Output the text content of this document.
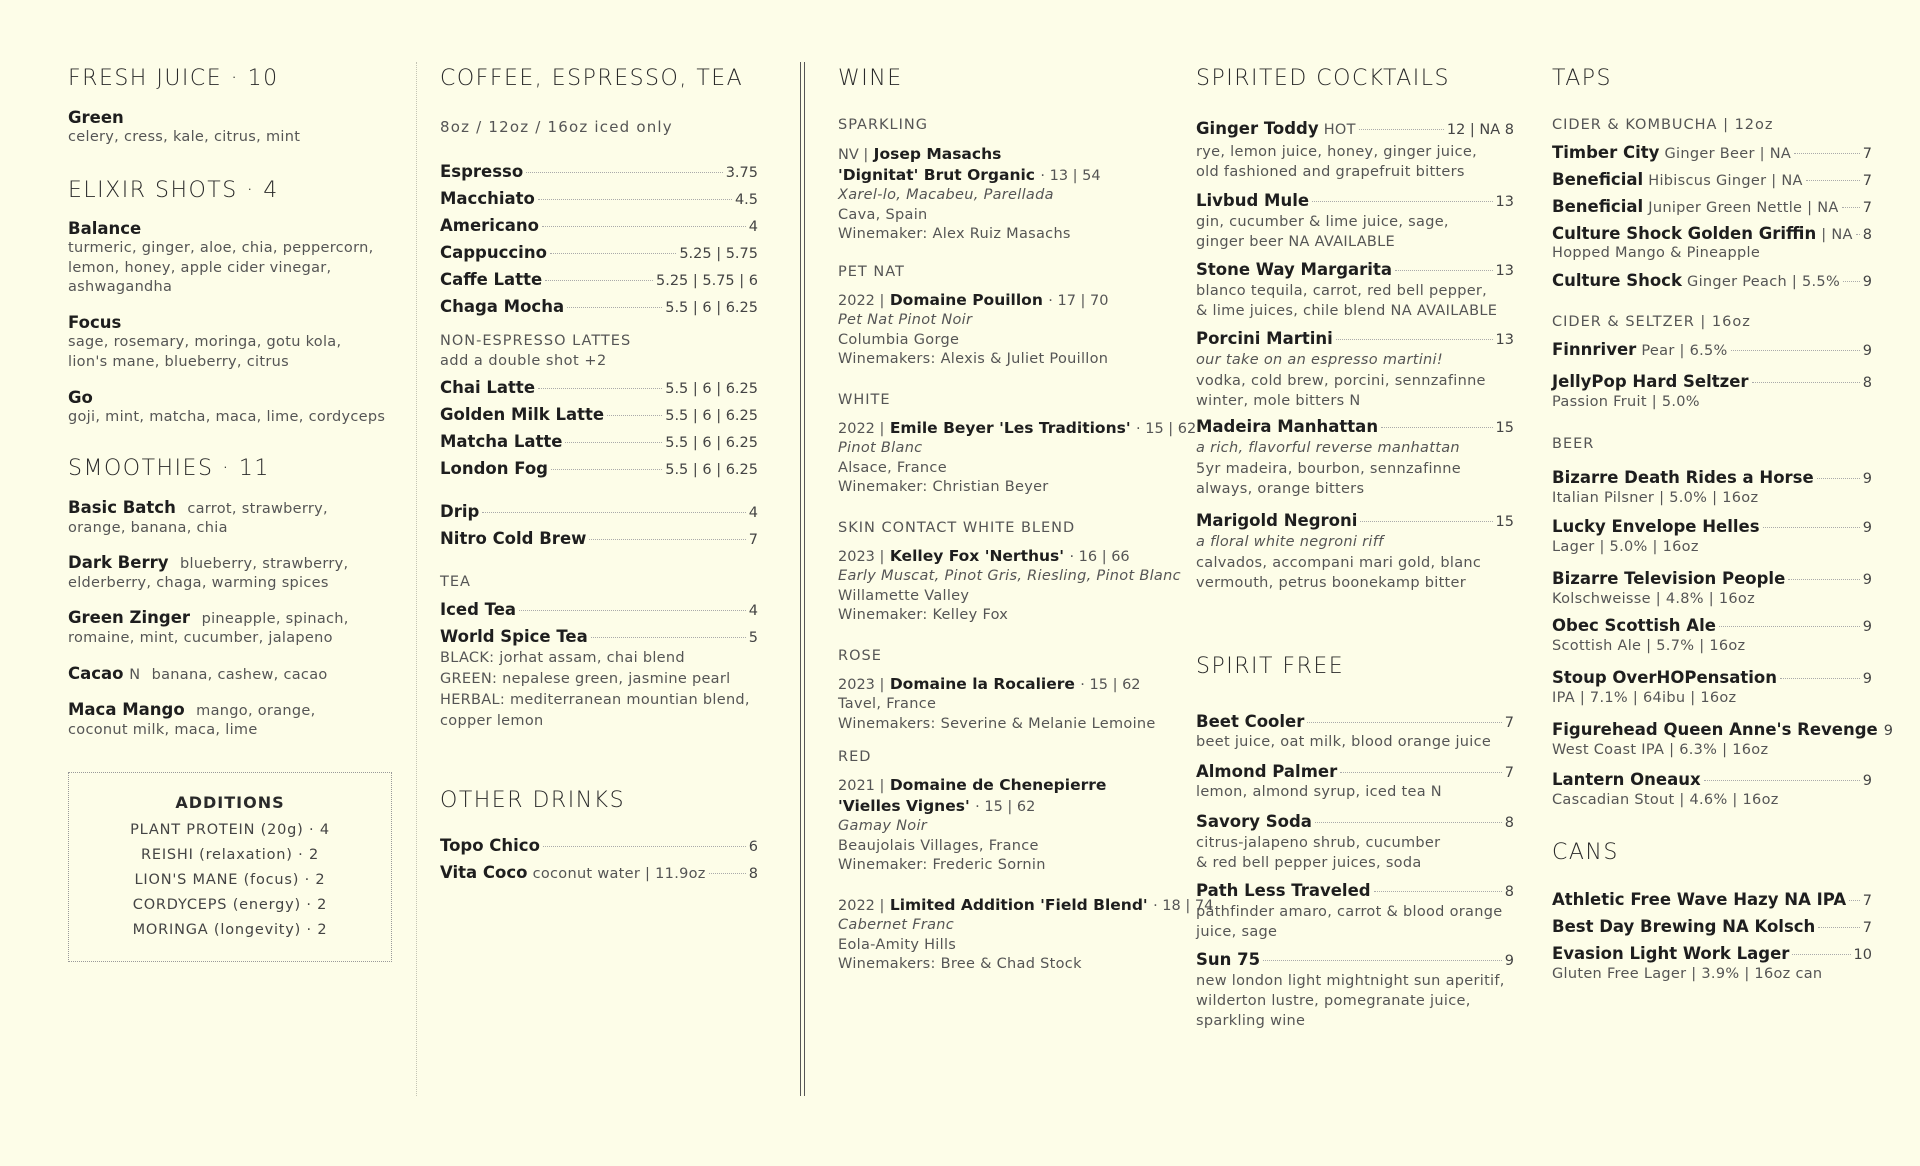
FRESH JUICE · 10
Green
celery, cress, kale, citrus, mint
ELIXIR SHOTS · 4
Balance
turmeric, ginger, aloe, chia, peppercorn,
lemon, honey, apple cider vinegar,
ashwagandha
Focus
sage, rosemary, moringa, gotu kola,
lion's mane, blueberry, citrus
Go
goji, mint, matcha, maca, lime, cordyceps
SMOOTHIES · 11
Basic Batch carrot, strawberry,
orange, banana, chia
Dark Berry blueberry, strawberry,
elderberry, chaga, warming spices
Green Zinger pineapple, spinach,
romaine, mint, cucumber, jalapeno
Cacao N banana, cashew, cacao
Maca Mango mango, orange,
coconut milk, maca, lime
ADDITIONS
PLANT PROTEIN (20g) · 4
REISHI (relaxation) · 2
LION'S MANE (focus) · 2
CORDYCEPS (energy) · 2
MORINGA (longevity) · 2
COFFEE, ESPRESSO, TEA
8oz / 12oz / 16oz iced only
Espresso	3.75
Macchiato	4.5
Americano	4
Cappuccino	5.25 | 5.75
Caffe Latte	5.25 | 5.75 | 6
Chaga Mocha	5.5 | 6 | 6.25
NON-ESPRESSO LATTES
add a double shot +2
Chai Latte	5.5 | 6 | 6.25
Golden Milk Latte	5.5 | 6 | 6.25
Matcha Latte	5.5 | 6 | 6.25
London Fog	5.5 | 6 | 6.25
Drip	4
Nitro Cold Brew	7
TEA
Iced Tea	4
World Spice Tea	5
BLACK: jorhat assam, chai blend
GREEN: nepalese green, jasmine pearl
HERBAL: mediterranean mountian blend,
copper lemon
OTHER DRINKS
Topo Chico	6
Vita Coco
coconut water | 11.9oz	8
WINE
SPARKLING
NV | Josep Masachs
'Dignitat' Brut Organic · 13 | 54
Xarel-lo, Macabeu, Parellada
Cava, Spain
Winemaker: Alex Ruiz Masachs
PET NAT
2022 | Domaine Pouillon · 17 | 70
Pet Nat Pinot Noir
Columbia Gorge
Winemakers: Alexis & Juliet Pouillon
WHITE
2022 | Emile Beyer 'Les Traditions' · 15 | 62
Pinot Blanc
Alsace, France
Winemaker: Christian Beyer
SKIN CONTACT WHITE BLEND
2023 | Kelley Fox 'Nerthus' · 16 | 66
Early Muscat, Pinot Gris, Riesling, Pinot Blanc
Willamette Valley
Winemaker: Kelley Fox
ROSE
2023 | Domaine la Rocaliere · 15 | 62
Tavel, France
Winemakers: Severine & Melanie Lemoine
RED
2021 | Domaine de Chenepierre
'Vielles Vignes' · 15 | 62
Gamay Noir
Beaujolais Villages, France
Winemaker: Frederic Sornin
2022 | Limited Addition 'Field Blend' · 18 | 74
Cabernet Franc
Eola-Amity Hills
Winemakers: Bree & Chad Stock
SPIRITED COCKTAILS
Ginger Toddy
HOT	12 | NA 8
rye, lemon juice, honey, ginger juice,
old fashioned and grapefruit bitters
Livbud Mule	13
gin, cucumber & lime juice, sage,
ginger beer NA AVAILABLE
Stone Way Margarita	13
blanco tequila, carrot, red bell pepper,
& lime juices, chile blend NA AVAILABLE
Porcini Martini	13
our take on an espresso martini!
vodka, cold brew, porcini, sennzafinne
winter, mole bitters N
Madeira Manhattan	15
a rich, flavorful reverse manhattan
5yr madeira, bourbon, sennzafinne
always, orange bitters
Marigold Negroni	15
a floral white negroni riff
calvados, accompani mari gold, blanc
vermouth, petrus boonekamp bitter
SPIRIT FREE
Beet Cooler	7
beet juice, oat milk, blood orange juice
Almond Palmer	7
lemon, almond syrup, iced tea N
Savory Soda	8
citrus-jalapeno shrub, cucumber
& red bell pepper juices, soda
Path Less Traveled	8
pathfinder amaro, carrot & blood orange
juice, sage
Sun 75	9
new london light mightnight sun aperitif,
wilderton lustre, pomegranate juice,
sparkling wine
TAPS
CIDER & KOMBUCHA | 12oz
Timber City
Ginger Beer | NA	7
Beneficial
Hibiscus Ginger | NA	7
Beneficial
Juniper Green Nettle | NA 7
Culture Shock Golden Griffin
| NA 8
Hopped Mango & Pineapple
Culture Shock
Ginger Peach | 5.5% 9
CIDER & SELTZER | 16oz
Finnriver
Pear | 6.5%	9
JellyPop Hard Seltzer	8
Passion Fruit | 5.0%
BEER
Bizarre Death Rides a Horse	9
Italian Pilsner | 5.0% | 16oz
Lucky Envelope Helles	9
Lager | 5.0% | 16oz
Bizarre Television People	9
Kolschweisse | 4.8% | 16oz
Obec Scottish Ale	9
Scottish Ale | 5.7% | 16oz
Stoup OverHOPensation	9
IPA | 7.1% | 64ibu | 16oz
Figurehead Queen Anne's Revenge 9
West Coast IPA | 6.3% | 16oz
Lantern Oneaux	9
Cascadian Stout | 4.6% | 16oz
CANS
Athletic Free Wave Hazy NA IPA 7
Best Day Brewing NA Kolsch	7
Evasion Light Work Lager	10
Gluten Free Lager | 3.9% | 16oz can
